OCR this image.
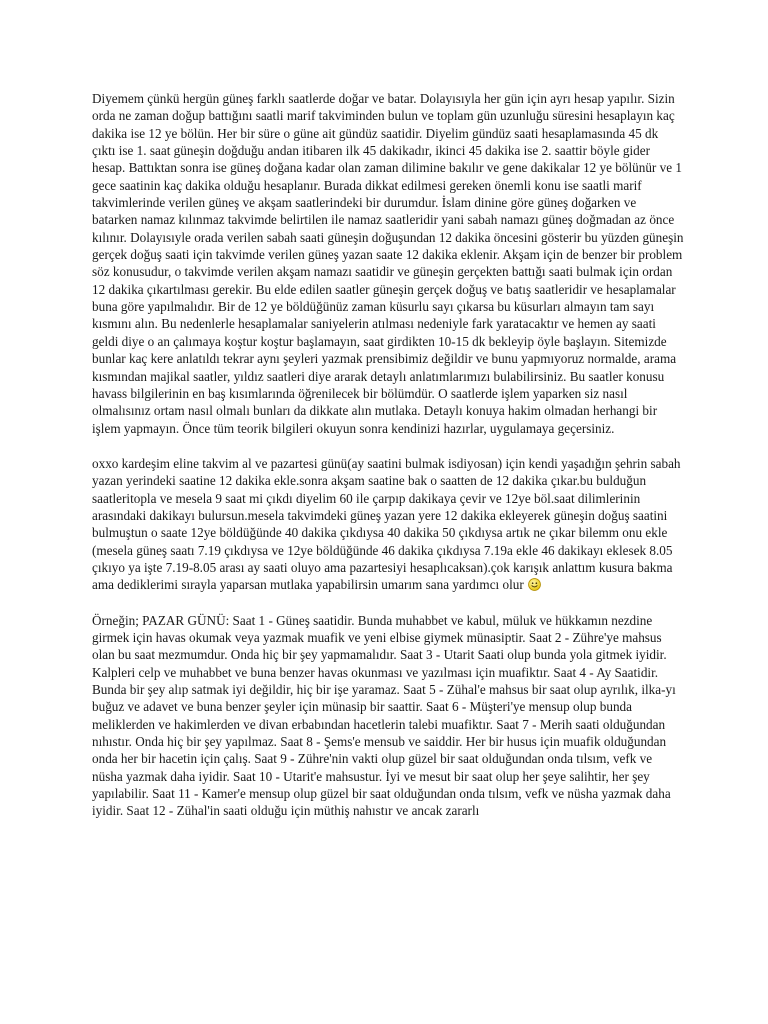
Diyemem çünkü hergün güneş farklı saatlerde doğar ve batar. Dolayısıyla her gün için ayrı hesap yapılır. Sizin orda ne zaman doğup battığını saatli marif takviminden bulun ve toplam gün uzunluğu süresini hesaplayın kaç dakika ise 12 ye bölün. Her bir süre o güne ait gündüz saatidir. Diyelim gündüz saati hesaplamasında 45 dk çıktı ise 1. saat güneşin doğduğu andan itibaren ilk 45 dakikadır, ikinci 45 dakika ise 2. saattir böyle gider hesap. Battıktan sonra ise güneş doğana kadar olan zaman dilimine bakılır ve gene dakikalar 12 ye bölünür ve 1 gece saatinin kaç dakika olduğu hesaplanır. Burada dikkat edilmesi gereken önemli konu ise saatli marif takvimlerinde verilen güneş ve akşam saatlerindeki bir durumdur. İslam dinine göre güneş doğarken ve batarken namaz kılınmaz takvimde belirtilen ile namaz saatleridir yani sabah namazı güneş doğmadan az önce kılınır. Dolayısıyle orada verilen sabah saati güneşin doğuşundan 12 dakika öncesini gösterir bu yüzden güneşin gerçek doğuş saati için takvimde verilen güneş yazan saate 12 dakika eklenir. Akşam için de benzer bir problem söz konusudur, o takvimde verilen akşam namazı saatidir ve güneşin gerçekten battığı saati bulmak için ordan 12 dakika çıkartılması gerekir. Bu elde edilen saatler güneşin gerçek doğuş ve batış saatleridir ve hesaplamalar buna göre yapılmalıdır. Bir de 12 ye böldüğünüz zaman küsurlu sayı çıkarsa bu küsurları almayın tam sayı kısmını alın. Bu nedenlerle hesaplamalar saniyelerin atılması nedeniyle fark yaratacaktır ve hemen ay saati geldi diye o an çalımaya koştur koştur başlamayın, saat girdikten 10-15 dk bekleyip öyle başlayın. Sitemizde bunlar kaç kere anlatıldı tekrar aynı şeyleri yazmak prensibimiz değildir ve bunu yapmıyoruz normalde, arama kısmından majikal saatler, yıldız saatleri diye ararak detaylı anlatımlarımızı bulabilirsiniz. Bu saatler konusu havass bilgilerinin en baş kısımlarında öğrenilecek bir bölümdür. O saatlerde işlem yaparken siz nasıl olmalısınız ortam nasıl olmalı bunları da dikkate alın mutlaka. Detaylı konuya hakim olmadan herhangi bir işlem yapmayın. Önce tüm teorik bilgileri okuyun sonra kendinizi hazırlar, uygulamaya geçersiniz.

oxxo kardeşim eline takvim al ve pazartesi günü(ay saatini bulmak isdiyosan) için kendi yaşadığın şehrin sabah yazan yerindeki saatine 12 dakika ekle.sonra akşam saatine bak o saatten de 12 dakika çıkar.bu bulduğun saatleritopla ve mesela 9 saat mi çıkdı diyelim 60 ile çarpıp dakikaya çevir ve 12ye böl.saat dilimlerinin arasındaki dakikayı bulursun.mesela takvimdeki güneş yazan yere 12 dakika ekleyerek güneşin doğuş saatini bulmuştun o saate 12ye böldüğünde 40 dakika çıkdıysa 40 dakika 50 çıkdıysa artık ne çıkar bilemm onu ekle (mesela güneş saatı 7.19 çıkdıysa ve 12ye böldüğünde 46 dakika çıkdıysa 7.19a ekle 46 dakikayı eklesek 8.05 çıkıyo ya işte 7.19-8.05 arası ay saati oluyo ama pazartesiyi hesaplıcaksan).çok karışık anlattım kusura bakma ama dediklerimi sırayla yaparsan mutlaka yapabilirsin umarım sana yardımcı olur

Örneğin; PAZAR GÜNÜ: Saat 1 - Güneş saatidir. Bunda muhabbet ve kabul, müluk ve hükkamın nezdine girmek için havas okumak veya yazmak muafik ve yeni elbise giymek münasiptir. Saat 2 - Zühre'ye mahsus olan bu saat mezmumdur. Onda hiç bir şey yapmamalıdır. Saat 3 - Utarit Saati olup bunda yola gitmek iyidir. Kalpleri celp ve muhabbet ve buna benzer havas okunması ve yazılması için muafiktır. Saat 4 - Ay Saatidir. Bunda bir şey alıp satmak iyi değildir, hiç bir işe yaramaz. Saat 5 - Zühal'e mahsus bir saat olup ayrılık, ilka-yı buğuz ve adavet ve buna benzer şeyler için münasip bir saattir. Saat 6 - Müşteri'ye mensup olup bunda meliklerden ve hakimlerden ve divan erbabından hacetlerin talebi muafiktır. Saat 7 - Merih saati olduğundan nıhıstır. Onda hiç bir şey yapılmaz. Saat 8 - Şems'e mensub ve saiddir. Her bir husus için muafik olduğundan onda her bir hacetin için çalış. Saat 9 - Zühre'nin vakti olup güzel bir saat olduğundan onda tılsım, vefk ve nüsha yazmak daha iyidir. Saat 10 - Utarit'e mahsustur. İyi ve mesut bir saat olup her şeye salihtir, her şey yapılabilir. Saat 11 - Kamer'e mensup olup güzel bir saat olduğundan onda tılsım, vefk ve nüsha yazmak daha iyidir. Saat 12 - Zühal'in saati olduğu için müthiş nahıstır ve ancak zararlı
